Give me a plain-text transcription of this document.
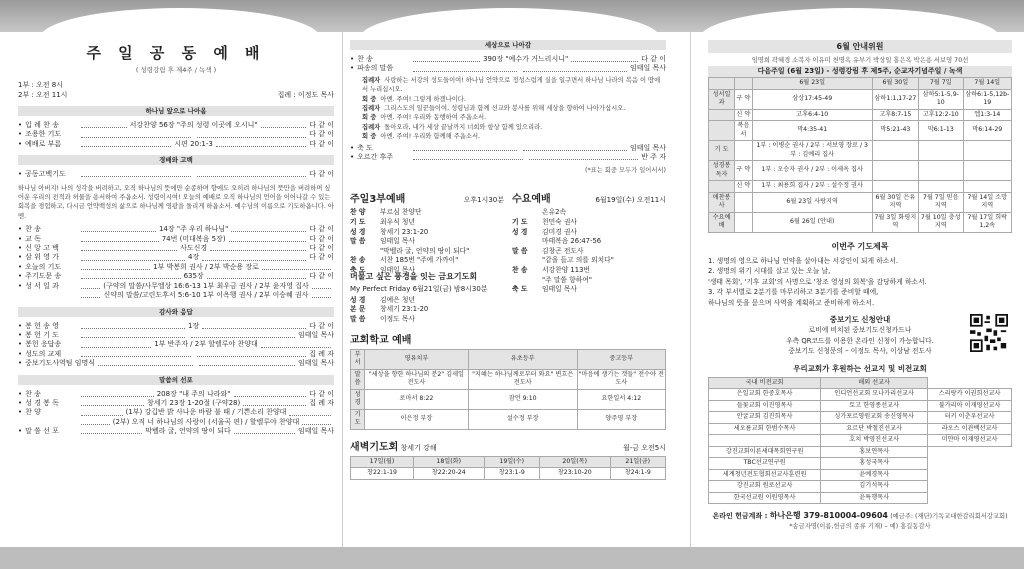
주 일 공 동 예 배
( 성령강림 후 제4주 / 녹색 )
1부 : 오전 8시
2부 : 오전 11시	집례 : 이정도 목사
하나님 앞으로 나아옴
• 입 례 찬 송	서강찬양 56장 "주의 성령 이곳에 오시니"	다 같 이
• 조용한 기도	다 같 이
• 예배로 부름	시편 20:1-3	다 같 이
경배와 고백
• 공동고백기도	다 같 이
하나님 아버지! 나의 성각을 버려하고, 오직 하나님의 뜻에만 순종하며 향에도 오히려 하나님의 뜻만을 버려하며 싶어운 우리의 전적과 허물을 용서하여 주옵소서. 성령이시여! 오늘의 예배로 오직 하나님의 언어을 이어나갈 수 있는 회복을 경험하고, 다시금 언약백성의 삶으로 하나님께 영광을 돌리게 하옵소서. 예수님의 이름으로 기도하옵니다. 아멘.
• 찬 송	14장 "주 우리 하나님"	다 같 이
• 교 독	74번 (미대복음 5장)	다 같 이
• 신 앙 고 백	사도신경	다 같 이
• 삼 위 영 가	4장	다 같 이
• 오늘의 기도	1부 박봉희 권사 / 2부 박순용 장로
• 주기도문 송	635장	다 같 이
• 성 서 일 과	(구약의 말씀/사무엘상 16:6-13 1부 최우금 권사 / 2부 윤자영 집사
신약의 말씀/고린도후서 5:6-10 1부 이옥행 권사 / 2부 이승혜 권사
감사와 응답
• 봉 헌 송 영	1장	다 같 이
• 봉 헌 기 도	임태일 목사
• 봉헌 응답송	1부 반주자 / 2부 할렐루야 찬양대
• 성도의 교제	집 례 자
• 중보기도사역팀 임명식	임태일 목사
말씀의 선포
• 찬 송	208장 "내 주의 나라와"	다 같 이
• 성 경 봉 독	창세기 23장 1-20절 (구약28)	집 례 자
• 찬 양	(1부) 강깁반 밝 사나운 바람 불 때 / 기쁜소리 찬양대
(2부) 오직 너 하나님의 사랑이 (서울곡 편) / 할렐루야 찬양대
• 말 씀 선 포	막벨라 굴, 언약의 땅이 되다	임태일 목사
세상으로 나아감
• 찬 송	390장 "예수가 거느리시니"	다 같 이
• 파송의 말씀	임태일 목사
집례자 사랑하는 서강의 성도들이여! 하나님 언약으로 정성스럽게 실을 일구면서 하나님 나라의 복음 이 땅에서 누리십시오.
회 중 아멘. 주여! 그렇게 하겠나이다.
집례자 그리스도의 일꾼들이여, 성령님과 함께 선교와 봉사를 위해 세상을 향하여 나아가십시오.
회 중 아멘. 주여! 우리와 동행하여 주옵소서.
집례자 돌아오라, 내가 세상 끝날까지 너희와 항상 함께 있으리라.
회 중 아멘. 주여! 우리와 함께해 주옵소서.
• 축 도	임태일 목사
• 오르간 후주	반 주 자
(*표는 회중 모두가 일어서서)
주일3부예배	오후1시30분
찬 양 부르심 찬양단
기 도 최우식 청년
성 경 창세기 23:1-20
말 씀 임태일 목사
"막벨라 굴, 언약의 땅이 되다"
찬 송 서찬 185번 "주에 가까이"
축 도 임태일 목사
수요예배	6월19일(수) 오전11시
온유2속
기 도 천민숙 권사
성 경 김미경 권사
마태복음 26:47-56
말 씀 김창곤 전도사
"같을 들고 의를 외치다"
찬 송 서강찬양 113번
"주 말씀 향하여"
축 도 임태일 목사
머물고 싶은 풍경을 잇는 금요기도회
My Perfect Friday 6월21일(금) 밤8시30분
성 경 김예은 청년
본 문 창세기 23:1-20
말 씀 이정도 목사
교회학교 예배
부서	영유치부	유초등부	중고등부
말씀	"세상을 향한 하나님의 분2" 김세일 전도사	"지혜는 하나님께로부터 와요" 변흐은 전도사	"마음에 생기는 갯들" 전수아 전도사
성경	로마서 8:22	잠언 9:10	요한일서 4:12
기도	이은정 부장	설수정 부장	양주영 부장
새벽기도회 창세기 강해	월-금 오전5시
17일(월)	18일(화)	19일(수)	20일(목)	21일(금)
창22:1-19	창22:20-24	창23:1-9	창23:10-20	창24:1-9
6월 안내위원
임명희 곽혜경 소복자 이유미 천명옥 유부기 박상일 홍은옥 박은용 서보영 70선
다음주일 (6월 23일) - 성령강림 후 제5주, 순교자기념주일 / 녹색
		6월 23일	6월 30일	7월 7일	7월 14일
성서일과	구 약	삼상17:45-49	삼하1:1,17-27	삼하5:1-5,9-10	삼하6:1-5,12b-19
	신 약	고후6:4-10	고후8:7-15	고후12:2-10	엡1:3-14
	복음서	막4:35-41	막5:21-43	막6:1-13	막6:14-29
기 도		1부 : 이병순 권사 / 2부 : 서보영 장로 / 3부 : 김예리 집사			
성경봉독자	구 약	1부 : 오승자 권사 / 2부 : 이세옥 집사			
	신 약	1부 : 최용희 집사 / 2부 : 설수정 권사			
애찬봉사		6월 23일 사랑지역	6월 30일 은유지역	7월 7일 믿음지역	7월 14일 소망지역
수요예배		6월 26일 (안내)	7월 3일 화평지역	7월 10일 충성지역	7월 17일 희락1,2속
이번주 기도제목
1. 생명의 영으로 하나님 언약을 살아내는 서강인이 되게 하소서.
2. 생명의 위기 시대를 살고 있는 오늘 날,
'생태 목회', '기후 교회'의 사명으로 '창조 영성의 회복'을 감당하게 하소서.
3. 각 부서별로 2분기를 마무리하고 3분기를 준비할 때에,
하나님의 뜻을 묻으며 사역을 계획하고 준비하게 하소서.
중보기도 신청안내
로비에 비치된 중보기도신청카드나
우측 QR코드를 이용한 온라인 신청이 가능합니다.
중보기도 신청문의 – 이정도 목사, 이상남 전도사
우리교회가 후원하는 선교지 및 비전교회
국내 비전교회	해외 선교사	
은일교회 한중호목사	인디언선교회 모나카리선교사	스리랑카 이권희선교사
들꽃교회 이진영목사	토고 한영종선교사	불가리아 이재영선교사
안굴교회 김진희목사	싱가포르영원교회 송신영목사	터키 이춘우선교사
세오름교회 한범수목사	요르단 박철진선교사	라오스 이관백선교사
	호치 박영진선교사	미얀마 이재영선교사
강진교회이른세대목회연구원	홍보연목사	
TBC선교연구원	홍성국목사	
세계청년전도협회선교사훈련원	윤예경목사	
강진교회 원로선교사	김기석목사	
한국선교원 이원영목사	윤특행목사	
온라인 헌금계좌 : 하나은행 379-810004-09604 (예금주: (재단)기독교대한감리회서강교회)
*송금자명(이름,헌금의 종류 기재) – 예) 홍길동감사
